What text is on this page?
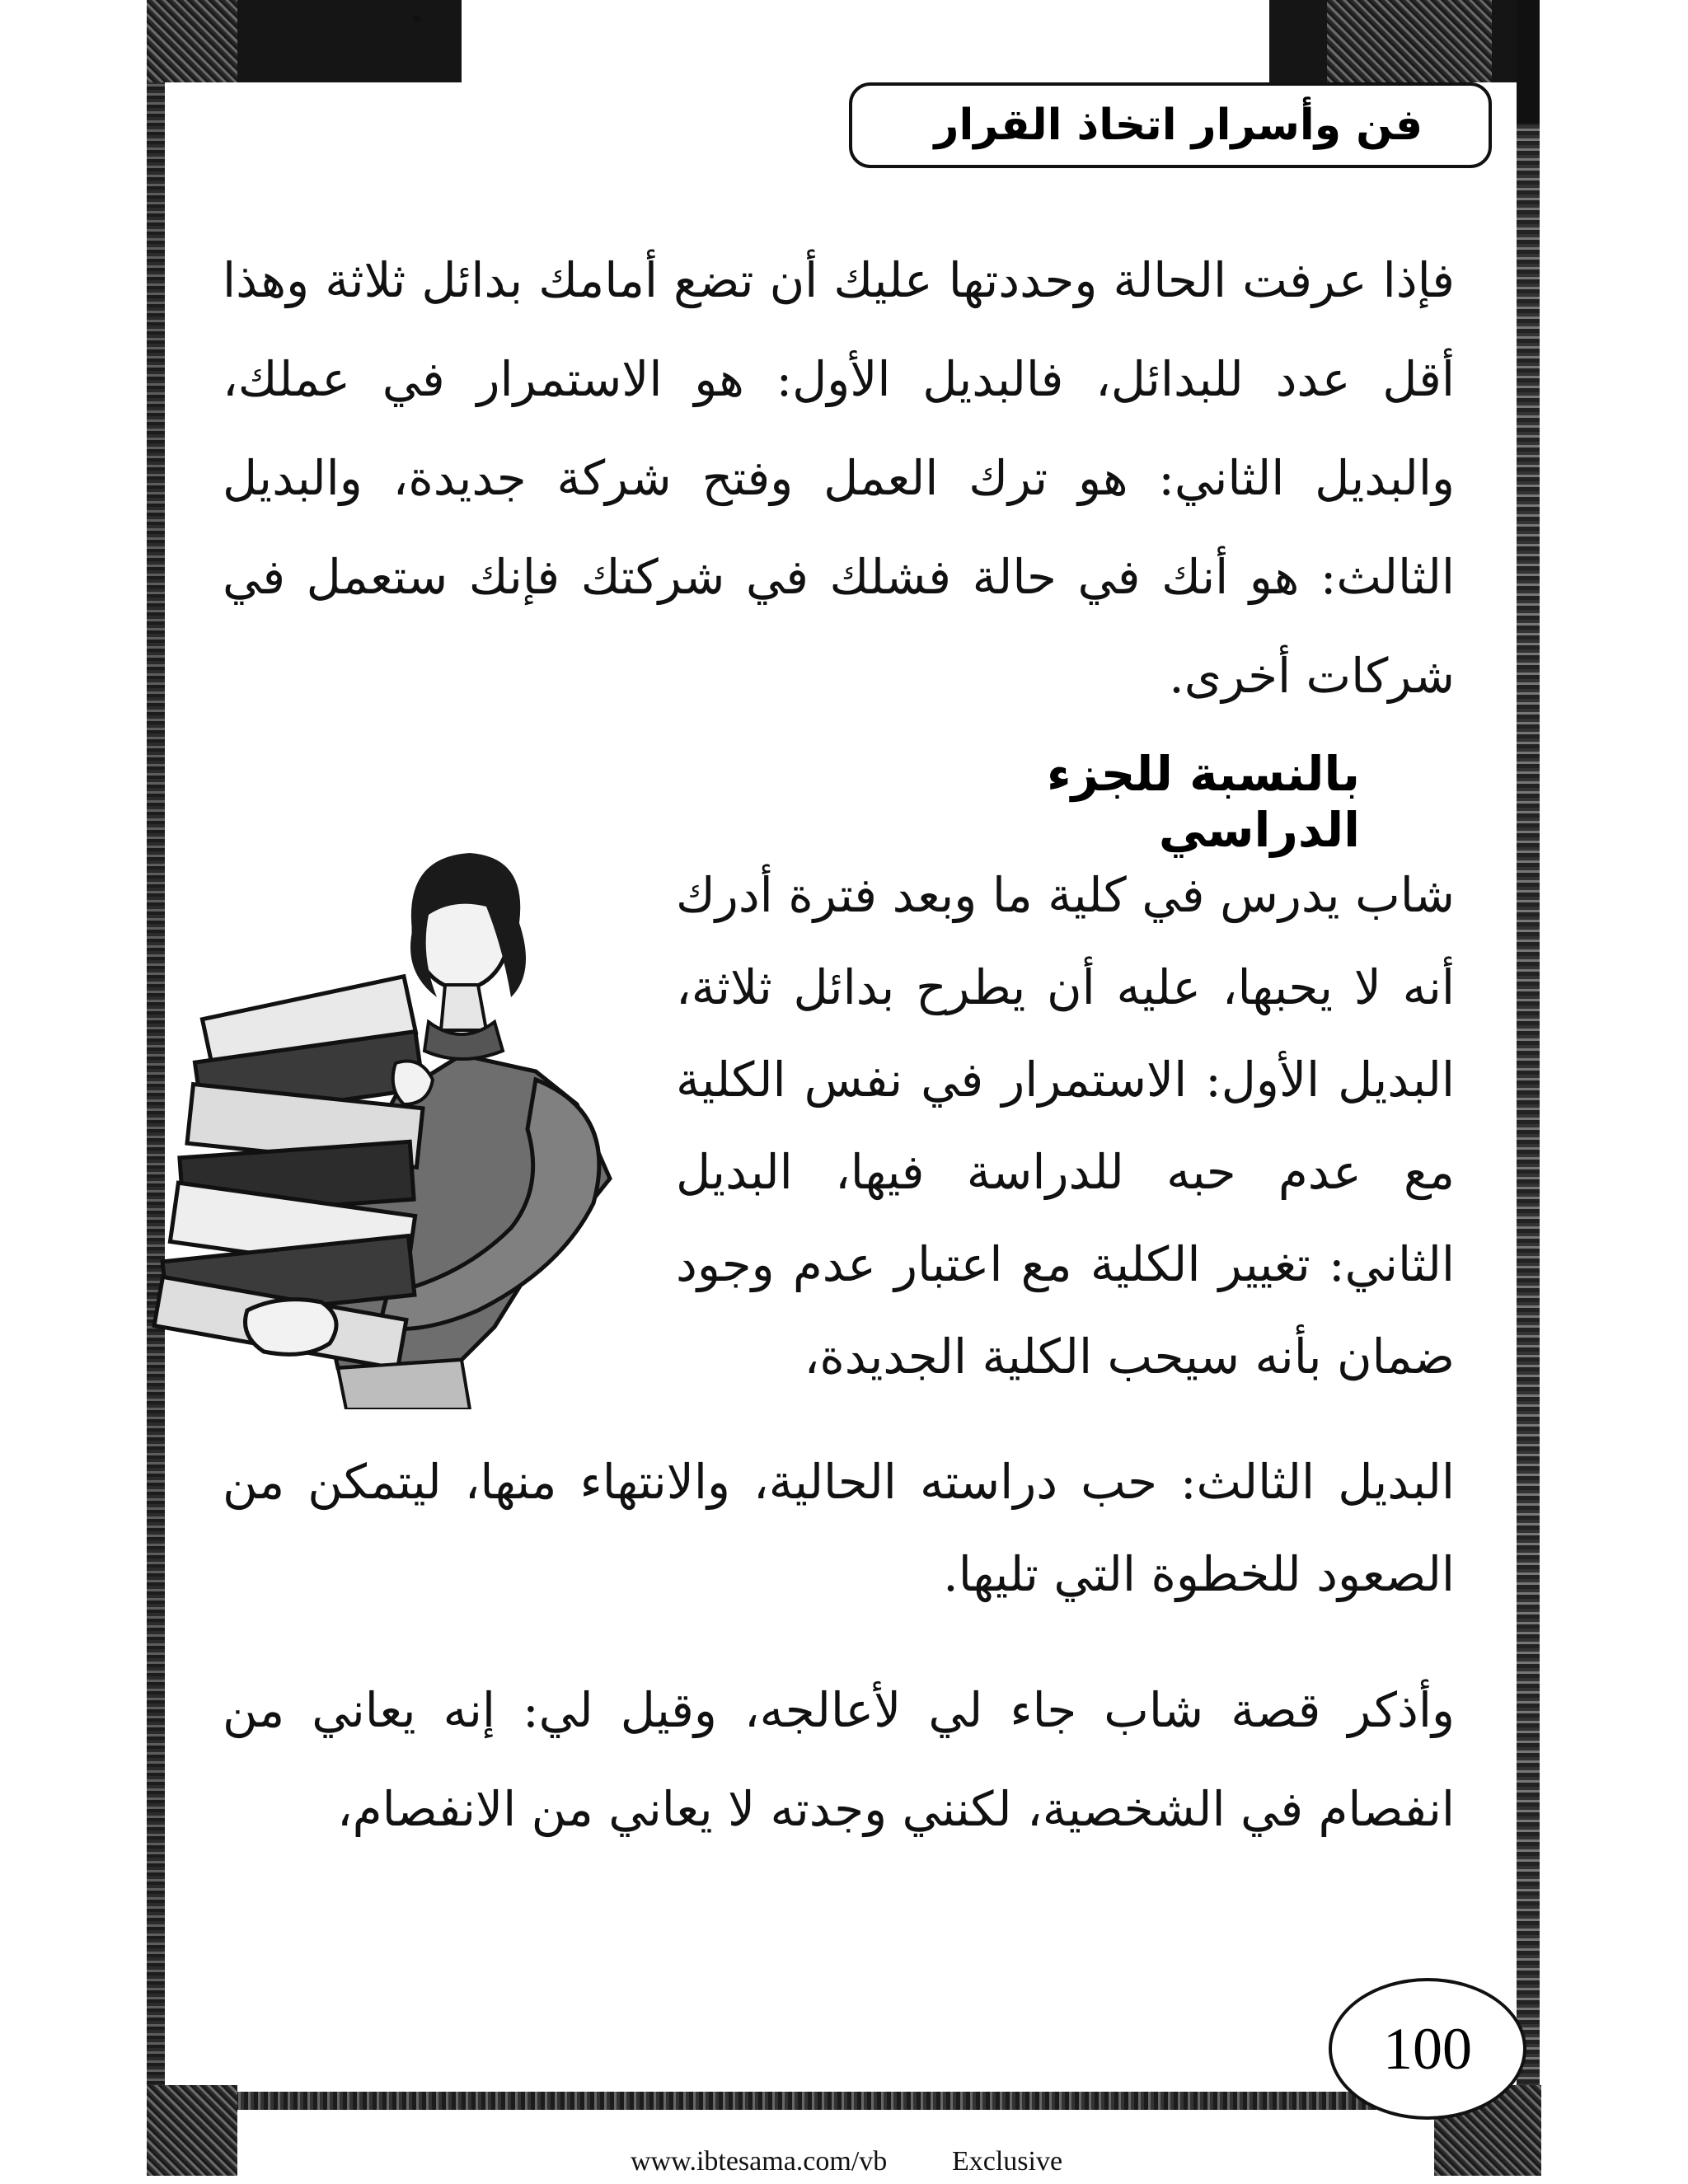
فن وأسرار اتخاذ القرار

فإذا عرفت الحالة وحددتها عليك أن تضع أمامك بدائل ثلاثة وهذا أقل عدد للبدائل، فالبديل الأول: هو الاستمرار في عملك، والبديل الثاني: هو ترك العمل وفتح شركة جديدة، والبديل الثالث: هو أنك في حالة فشلك في شركتك فإنك ستعمل في شركات أخرى.

بالنسبة للجزء الدراسي
شاب يدرس في كلية ما وبعد فترة أدرك أنه لا يحبها، عليه أن يطرح بدائل ثلاثة، البديل الأول: الاستمرار في نفس الكلية مع عدم حبه للدراسة فيها، البديل الثاني: تغيير الكلية مع اعتبار عدم وجود ضمان بأنه سيحب الكلية الجديدة،
البديل الثالث: حب دراسته الحالية، والانتهاء منها، ليتمكن من الصعود للخطوة التي تليها.

وأذكر قصة شاب جاء لي لأعالجه، وقيل لي: إنه يعاني من انفصام في الشخصية، لكنني وجدته لا يعاني من الانفصام،

100
www.ibtesama.com/vb Exclusive
